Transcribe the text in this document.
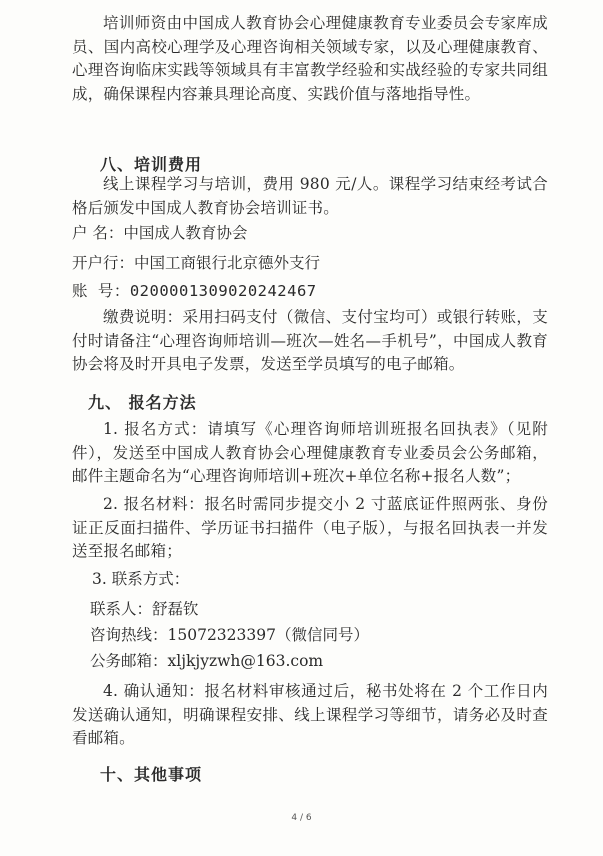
培训师资由中国成人教育协会心理健康教育专业委员会专家库成员、国内高校心理学及心理咨询相关领域专家，以及心理健康教育、心理咨询临床实践等领域具有丰富教学经验和实战经验的专家共同组成，确保课程内容兼具理论高度、实践价值与落地指导性。
八、培训费用
线上课程学习与培训，费用 980 元/人。课程学习结束经考试合格后颁发中国成人教育协会培训证书。
户 名：中国成人教育协会
开户行：中国工商银行北京德外支行
账 号：0200001309020242467
缴费说明：采用扫码支付（微信、支付宝均可）或银行转账，支付时请备注“心理咨询师培训—班次—姓名—手机号”，中国成人教育协会将及时开具电子发票，发送至学员填写的电子邮箱。
九、 报名方法
1. 报名方式：请填写《心理咨询师培训班报名回执表》（见附件），发送至中国成人教育协会心理健康教育专业委员会公务邮箱，邮件主题命名为“心理咨询师培训+班次+单位名称+报名人数”；
2. 报名材料：报名时需同步提交小 2 寸蓝底证件照两张、身份证正反面扫描件、学历证书扫描件（电子版），与报名回执表一并发送至报名邮箱；
3. 联系方式：
联系人：舒磊钦
咨询热线：15072323397（微信同号）
公务邮箱：xljkjyzwh@163.com
4. 确认通知：报名材料审核通过后，秘书处将在 2 个工作日内发送确认通知，明确课程安排、线上课程学习等细节，请务必及时查看邮箱。
十、其他事项
4 / 6
